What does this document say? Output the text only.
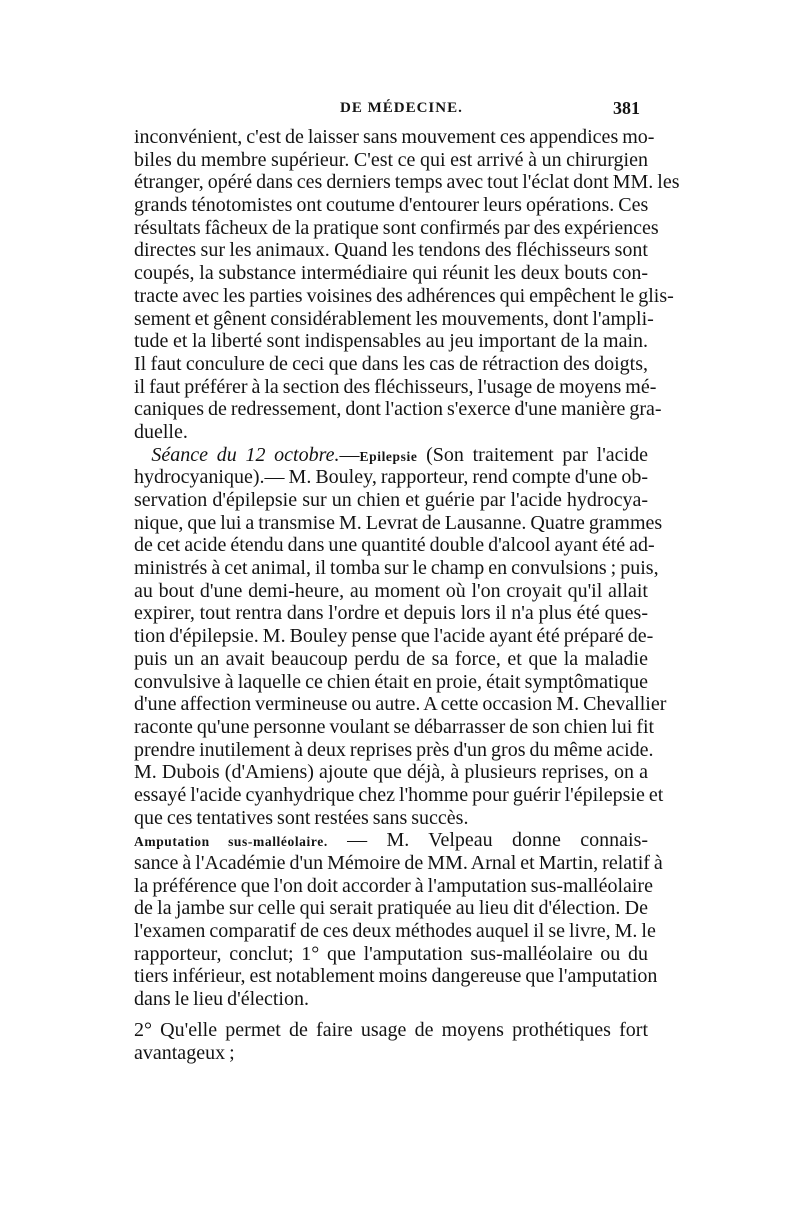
DE MÉDECINE.	381
inconvénient, c'est de laisser sans mouvement ces appendices mo-
biles du membre supérieur. C'est ce qui est arrivé à un chirurgien
étranger, opéré dans ces derniers temps avec tout l'éclat dont MM. les
grands ténotomistes ont coutume d'entourer leurs opérations. Ces
résultats fâcheux de la pratique sont confirmés par des expériences
directes sur les animaux. Quand les tendons des fléchisseurs sont
coupés, la substance intermédiaire qui réunit les deux bouts con-
tracte avec les parties voisines des adhérences qui empêchent le glis-
sement et gênent considérablement les mouvements, dont l'ampli-
tude et la liberté sont indispensables au jeu important de la main.
Il faut conculure de ceci que dans les cas de rétraction des doigts,
il faut préférer à la section des fléchisseurs, l'usage de moyens mé-
caniques de redressement, dont l'action s'exerce d'une manière gra-
duelle.
Séance du 12 octobre.—Epilepsie (Son traitement par l'acide
hydrocyanique).— M. Bouley, rapporteur, rend compte d'une ob-
servation d'épilepsie sur un chien et guérie par l'acide hydrocya-
nique, que lui a transmise M. Levrat de Lausanne. Quatre grammes
de cet acide étendu dans une quantité double d'alcool ayant été ad-
ministrés à cet animal, il tomba sur le champ en convulsions ; puis,
au bout d'une demi-heure, au moment où l'on croyait qu'il allait
expirer, tout rentra dans l'ordre et depuis lors il n'a plus été ques-
tion d'épilepsie. M. Bouley pense que l'acide ayant été préparé de-
puis un an avait beaucoup perdu de sa force, et que la maladie
convulsive à laquelle ce chien était en proie, était symptômatique
d'une affection vermineuse ou autre. A cette occasion M. Chevallier
raconte qu'une personne voulant se débarrasser de son chien lui fit
prendre inutilement à deux reprises près d'un gros du même acide.
M. Dubois (d'Amiens) ajoute que déjà, à plusieurs reprises, on a
essayé l'acide cyanhydrique chez l'homme pour guérir l'épilepsie et
que ces tentatives sont restées sans succès.
Amputation sus-malléolaire. — M. Velpeau donne connais-
sance à l'Académie d'un Mémoire de MM. Arnal et Martin, relatif à
la préférence que l'on doit accorder à l'amputation sus-malléolaire
de la jambe sur celle qui serait pratiquée au lieu dit d'élection. De
l'examen comparatif de ces deux méthodes auquel il se livre, M. le
rapporteur, conclut; 1° que l'amputation sus-malléolaire ou du
tiers inférieur, est notablement moins dangereuse que l'amputation
dans le lieu d'élection.
2° Qu'elle permet de faire usage de moyens prothétiques fort
avantageux ;
